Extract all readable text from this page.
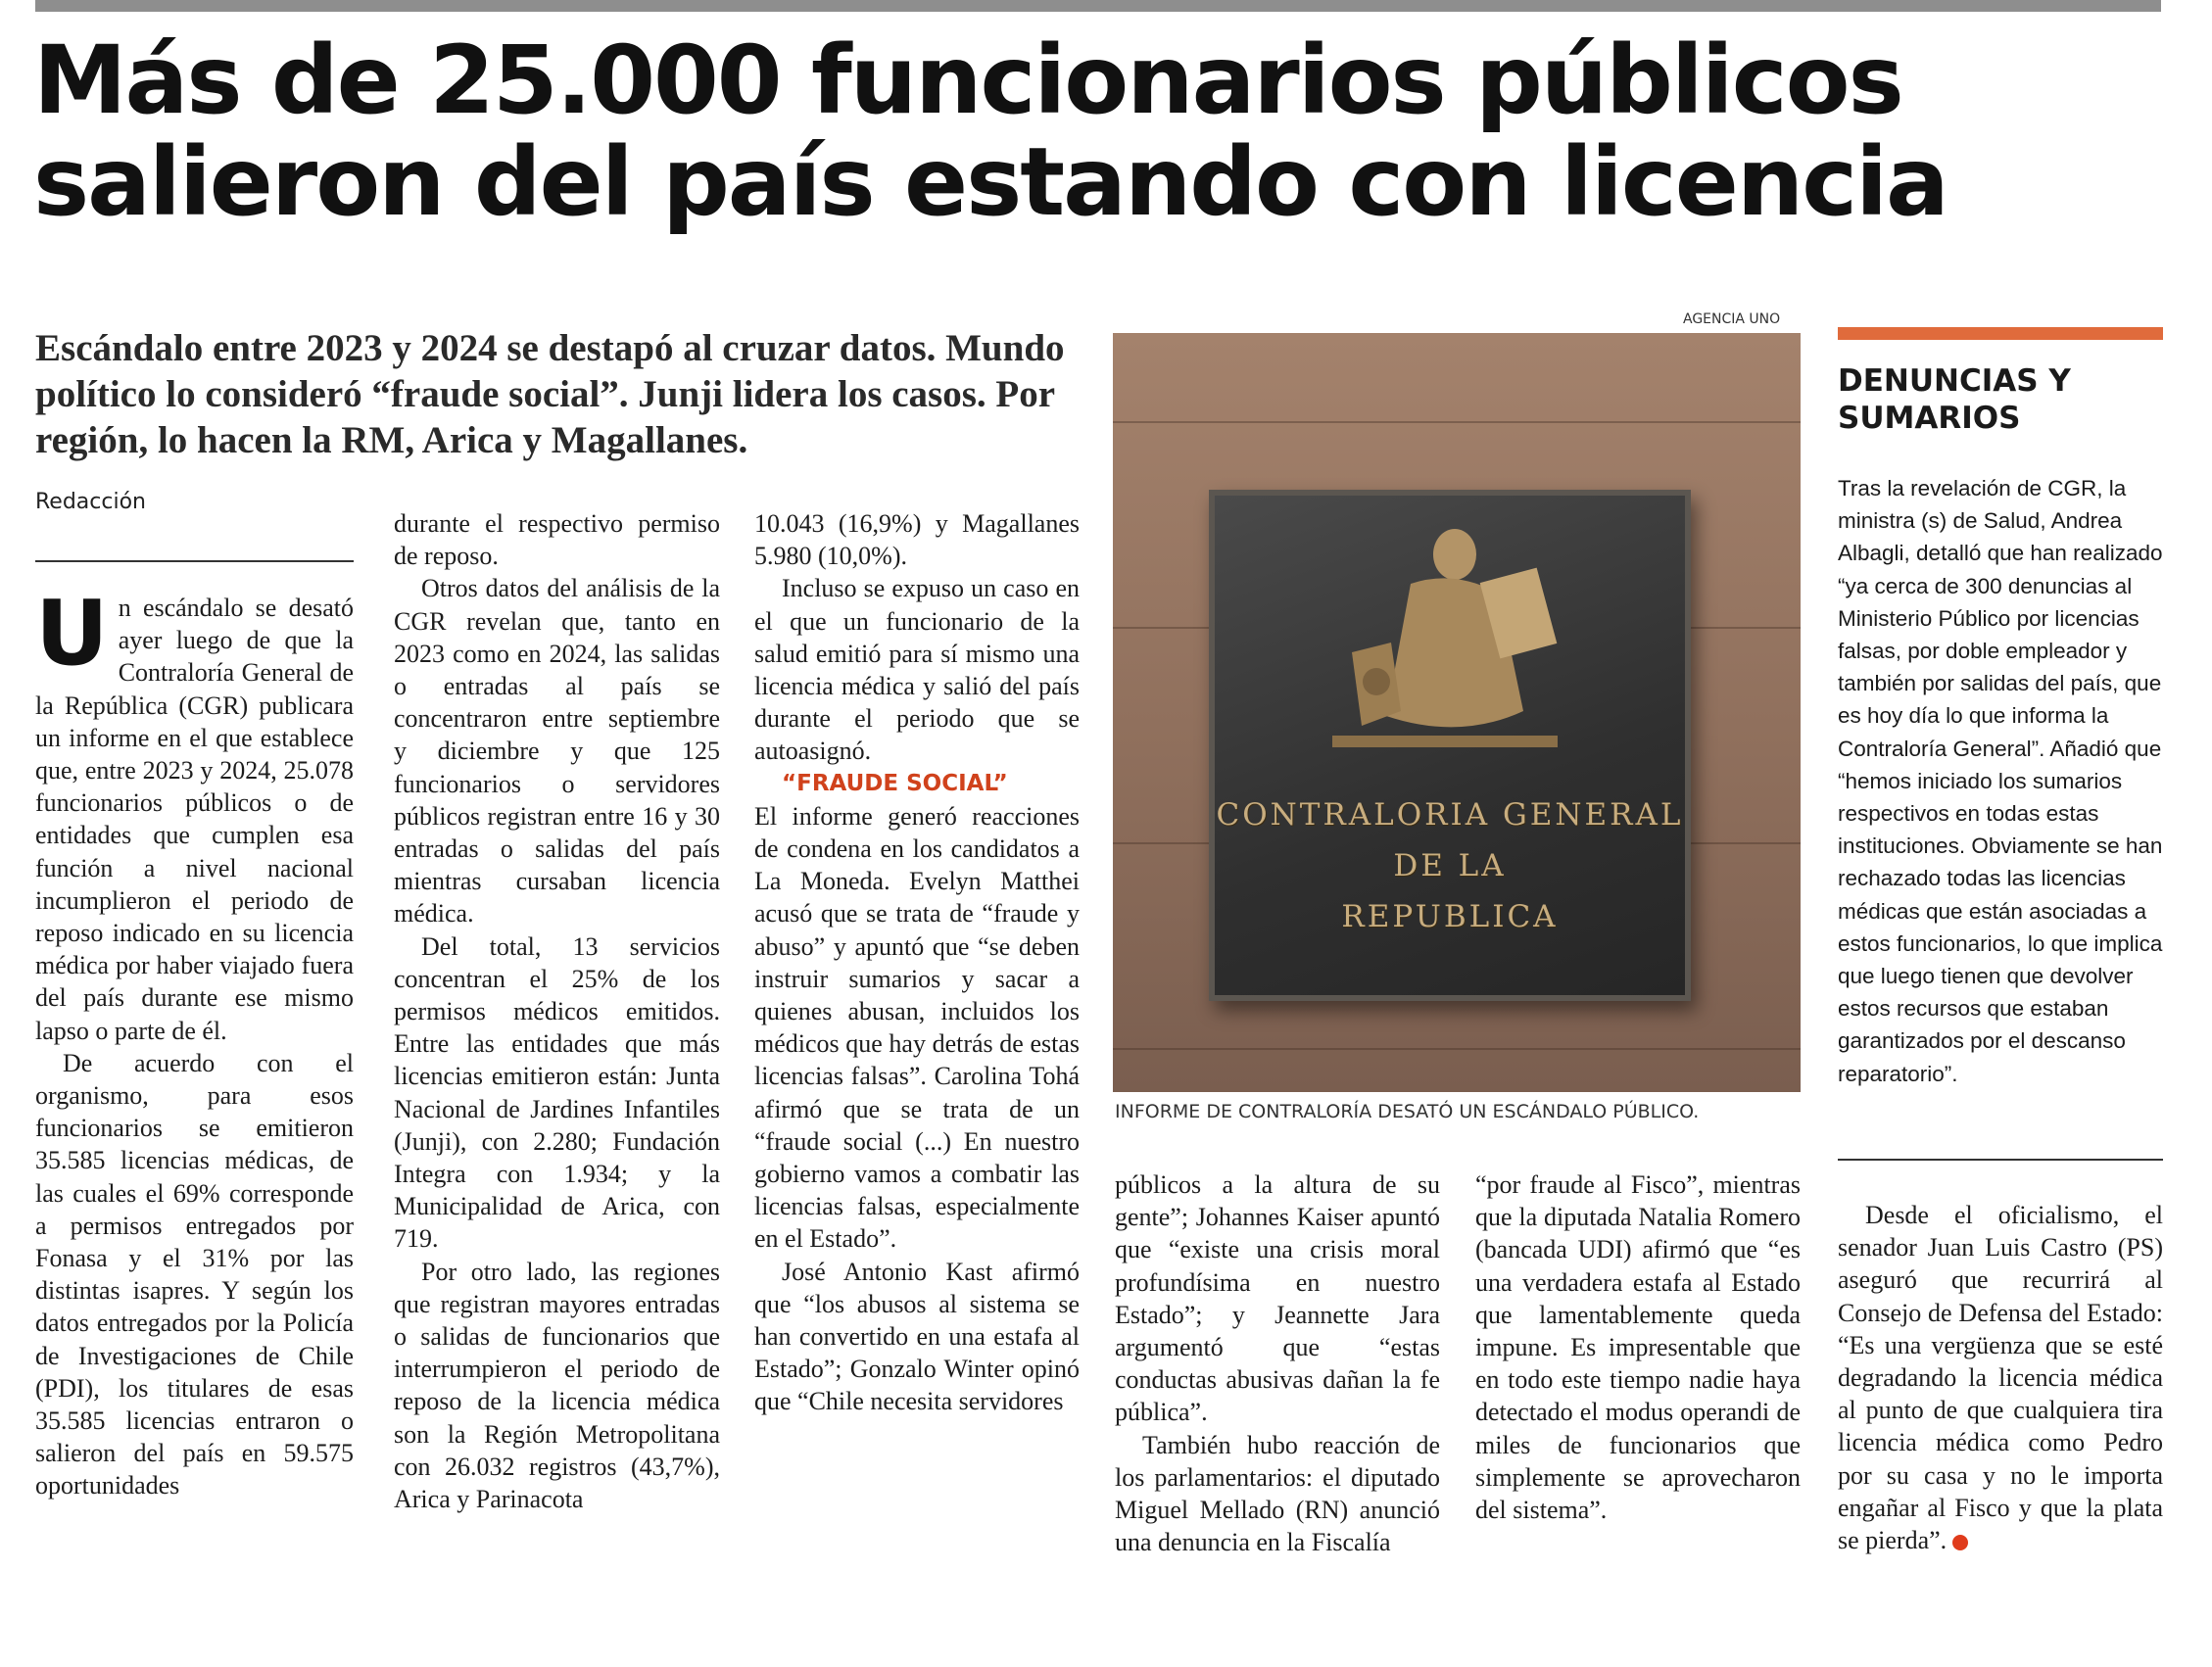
Más de 25.000 funcionarios públicos salieron del país estando con licencia

Escándalo entre 2023 y 2024 se destapó al cruzar datos. Mundo político lo consideró “fraude social”. Junji lidera los casos. Por región, lo hacen la RM, Arica y Magallanes.

Redacción

Un escándalo se desató ayer luego de que la Contraloría General de la República (CGR) publicara un informe en el que establece que, entre 2023 y 2024, 25.078 funcionarios públicos o de entidades que cumplen esa función a nivel nacional incumplieron el periodo de reposo indicado en su licencia médica por haber viajado fuera del país durante ese mismo lapso o parte de él.

De acuerdo con el organismo, para esos funcionarios se emitieron 35.585 licencias médicas, de las cuales el 69% corresponde a permisos entregados por Fonasa y el 31% por las distintas isapres. Y según los datos entregados por la Policía de Investigaciones de Chile (PDI), los titulares de esas 35.585 licencias entraron o salieron del país en 59.575 oportunidades

durante el respectivo permiso de reposo.

Otros datos del análisis de la CGR revelan que, tanto en 2023 como en 2024, las salidas o entradas al país se concentraron entre septiembre y diciembre y que 125 funcionarios o servidores públicos registran entre 16 y 30 entradas o salidas del país mientras cursaban licencia médica.

Del total, 13 servicios concentran el 25% de los permisos médicos emitidos. Entre las entidades que más licencias emitieron están: Junta Nacional de Jardines Infantiles (Junji), con 2.280; Fundación Integra con 1.934; y la Municipalidad de Arica, con 719.

Por otro lado, las regiones que registran mayores entradas o salidas de funcionarios que interrumpieron el periodo de reposo de la licencia médica son la Región Metropolitana con 26.032 registros (43,7%), Arica y Parinacota

10.043 (16,9%) y Magallanes 5.980 (10,0%).

Incluso se expuso un caso en el que un funcionario de la salud emitió para sí mismo una licencia médica y salió del país durante el periodo que se autoasignó.

“FRAUDE SOCIAL”

El informe generó reacciones de condena en los candidatos a La Moneda. Evelyn Matthei acusó que se trata de “fraude y abuso” y apuntó que “se deben instruir sumarios y sacar a quienes abusan, incluidos los médicos que hay detrás de estas licencias falsas”. Carolina Tohá afirmó que se trata de un “fraude social (...) En nuestro gobierno vamos a combatir las licencias falsas, especialmente en el Estado”.

José Antonio Kast afirmó que “los abusos al sistema se han convertido en una estafa al Estado”; Gonzalo Winter opinó que “Chile necesita servidores

AGENCIA UNO
CONTRALORIA GENERAL
DE LA
REPUBLICA
INFORME DE CONTRALORÍA DESATÓ UN ESCÁNDALO PÚBLICO.

públicos a la altura de su gente”; Johannes Kaiser apuntó que “existe una crisis moral profundísima en nuestro Estado”; y Jeannette Jara argumentó que “estas conductas abusivas dañan la fe pública”.

También hubo reacción de los parlamentarios: el diputado Miguel Mellado (RN) anunció una denuncia en la Fiscalía

“por fraude al Fisco”, mientras que la diputada Natalia Romero (bancada UDI) afirmó que “es una verdadera estafa al Estado que lamentablemente queda impune. Es impresentable que en todo este tiempo nadie haya detectado el modus operandi de miles de funcionarios que simplemente se aprovecharon del sistema”.

DENUNCIAS Y SUMARIOS

Tras la revelación de CGR, la ministra (s) de Salud, Andrea Albagli, detalló que han realizado “ya cerca de 300 denuncias al Ministerio Público por licencias falsas, por doble empleador y también por salidas del país, que es hoy día lo que informa la Contraloría General”. Añadió que “hemos iniciado los sumarios respectivos en todas estas instituciones. Obviamente se han rechazado todas las licencias médicas que están asociadas a estos funcionarios, lo que implica que luego tienen que devolver estos recursos que estaban garantizados por el descanso reparatorio”.

Desde el oficialismo, el senador Juan Luis Castro (PS) aseguró que recurrirá al Consejo de Defensa del Estado: “Es una vergüenza que se esté degradando la licencia médica al punto de que cualquiera tira licencia médica como Pedro por su casa y no le importa engañar al Fisco y que la plata se pierda”.
